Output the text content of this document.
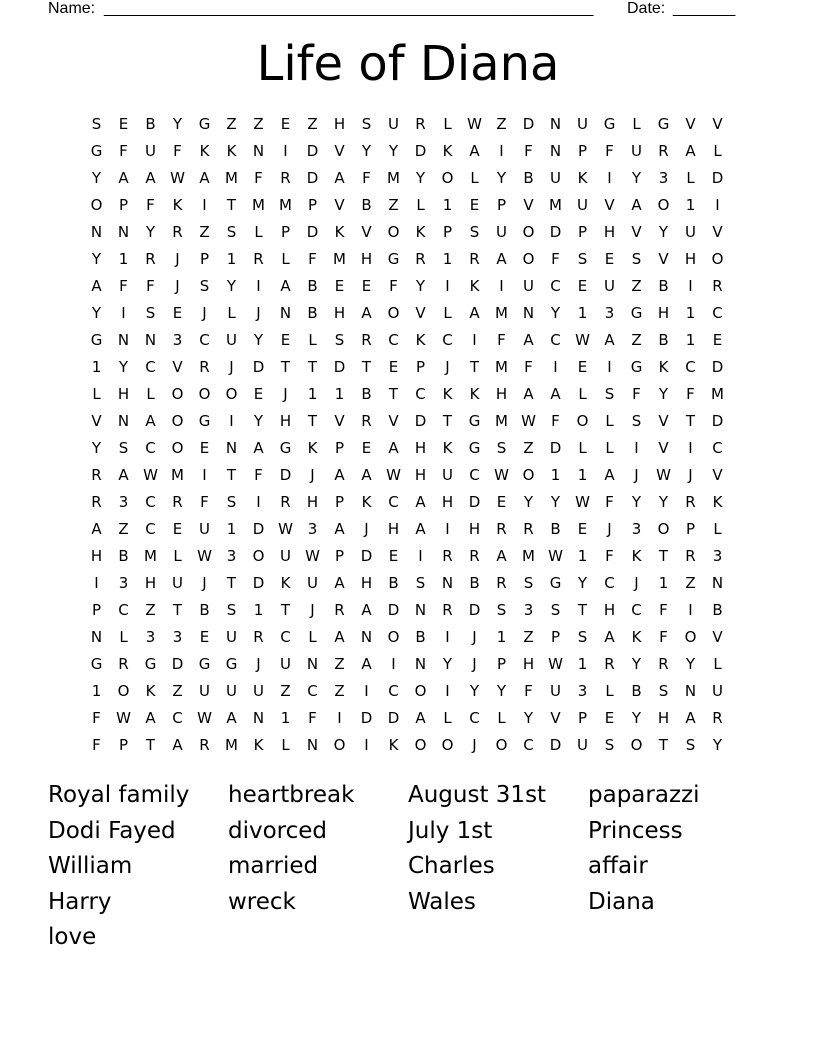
Name: _______________________________________________________ Date: _______
Life of Diana
S	E	B	Y	G	Z	Z	E	Z	H	S	U	R	L	W Z	D	N	U	G	L	G	V	V
G	F	U	F	K	K	N	I	D	V	Y	Y	D	K	A	I	F	N	P	F	U	R	A	L
Y	A	A W A	M	F	R	D	A	F	M	Y	O	L	Y	B	U	K	I	Y	3	L	D
O	P	F	K	I	T	M M	P	V	B	Z	L	1	E	P	V	M	U	V	A	O	1	I
N	N	Y	R	Z	S	L	P	D	K	V	O	K	P	S	U	O	D	P	H	V	Y	U	V
Y	1	R	J	P	1	R	L	F	M H	G	R	1	R	A	O	F	S	E	S	V	H	O
A	F	F	J	S	Y	I	A	B	E	E	F	Y	I	K	I	U	C	E	U	Z	B	I	R
Y	I	S	E	J	L	J	N	B	H	A	O	V	L	A	M N	Y	1	3	G	H	1	C
G	N	N	3	C	U	Y	E	L	S	R	C	K	C	I	F	A	C W A	Z	B	1	E
1	Y	C	V	R	J	D	T	T	D	T	E	P	J	T	M	F	I	E	I	G	K	C	D
L	H	L	O	O	O	E	J	1	1	B	T	C	K	K	H	A	A	L	S	F	Y	F	M
V	N	A	O	G	I	Y	H	T	V	R	V	D	T	G M W	F	O	L	S	V	T	D
Y	S	C	O	E	N	A	G	K	P	E	A	H	K	G	S	Z	D	L	L	I	V	I	C
R	A W M	I	T	F	D	J	A	A W H	U	C W O	1	1	A	J	W	J	V
R	3	C	R	F	S	I	R	H	P	K	C	A	H	D	E	Y	Y	W	F	Y	Y	R	K
A	Z	C	E	U	1	D W 3	A	J	H	A	I	H	R	R	B	E	J	3	O	P	L
H	B	M	L	W 3	O	U W	P	D	E	I	R	R	A	M W 1	F	K	T	R	3
I	3	H	U	J	T	D	K	U	A	H	B	S	N	B	R	S	G	Y	C	J	1	Z	N
P	C	Z	T	B	S	1	T	J	R	A	D	N	R	D	S	3	S	T	H	C	F	I	B
N	L	3	3	E	U	R	C	L	A	N	O	B	I	J	1	Z	P	S	A	K	F	O	V
G	R	G	D	G	G	J	U	N	Z	A	I	N	Y	J	P	H W 1	R	Y	R	Y	L
1	O	K	Z	U	U	U	Z	C	Z	I	C	O	I	Y	Y	F	U	3	L	B	S	N	U
F	W A	C W A	N	1	F	I	D	D	A	L	C	L	Y	V	P	E	Y	H	A	R
F	P	T	A	R	M	K	L	N	O	I	K	O	O	J	O	C	D	U	S	O	T	S	Y
Royal family	heartbreak	August 31st	paparazzi
Dodi Fayed	divorced	July 1st	Princess
William	married	Charles	affair
Harry	wreck	Wales	Diana
love
